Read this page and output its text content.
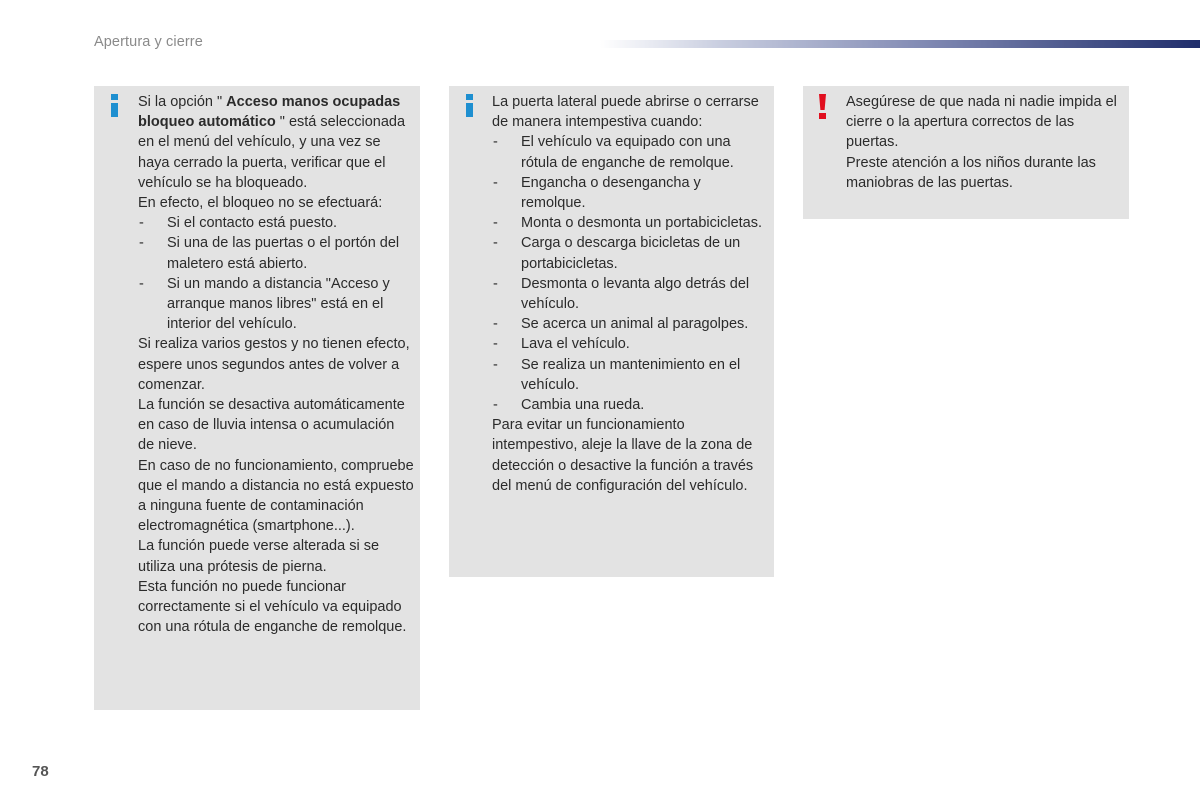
Apertura y cierre

Si la opción " Acceso manos ocupadas bloqueo automático " está seleccionada en el menú del vehículo, y una vez se haya cerrado la puerta, verificar que el vehículo se ha bloqueado.

En efecto, el bloqueo no se efectuará:

- Si el contacto está puesto.
- Si una de las puertas o el portón del maletero está abierto.
- Si un mando a distancia "Acceso y arranque manos libres" está en el interior del vehículo.

Si realiza varios gestos y no tienen efecto, espere unos segundos antes de volver a comenzar.

La función se desactiva automáticamente en caso de lluvia intensa o acumulación de nieve.

En caso de no funcionamiento, compruebe que el mando a distancia no está expuesto a ninguna fuente de contaminación electromagnética (smartphone...).

La función puede verse alterada si se utiliza una prótesis de pierna.

Esta función no puede funcionar correctamente si el vehículo va equipado con una rótula de enganche de remolque.

La puerta lateral puede abrirse o cerrarse de manera intempestiva cuando:

- El vehículo va equipado con una rótula de enganche de remolque.
- Engancha o desengancha y remolque.
- Monta o desmonta un portabicicletas.
- Carga o descarga bicicletas de un portabicicletas.
- Desmonta o levanta algo detrás del vehículo.
- Se acerca un animal al paragolpes.
- Lava el vehículo.
- Se realiza un mantenimiento en el vehículo.
- Cambia una rueda.

Para evitar un funcionamiento intempestivo, aleje la llave de la zona de detección o desactive la función a través del menú de configuración del vehículo.

Asegúrese de que nada ni nadie impida el cierre o la apertura correctos de las puertas.

Preste atención a los niños durante las maniobras de las puertas.

78
